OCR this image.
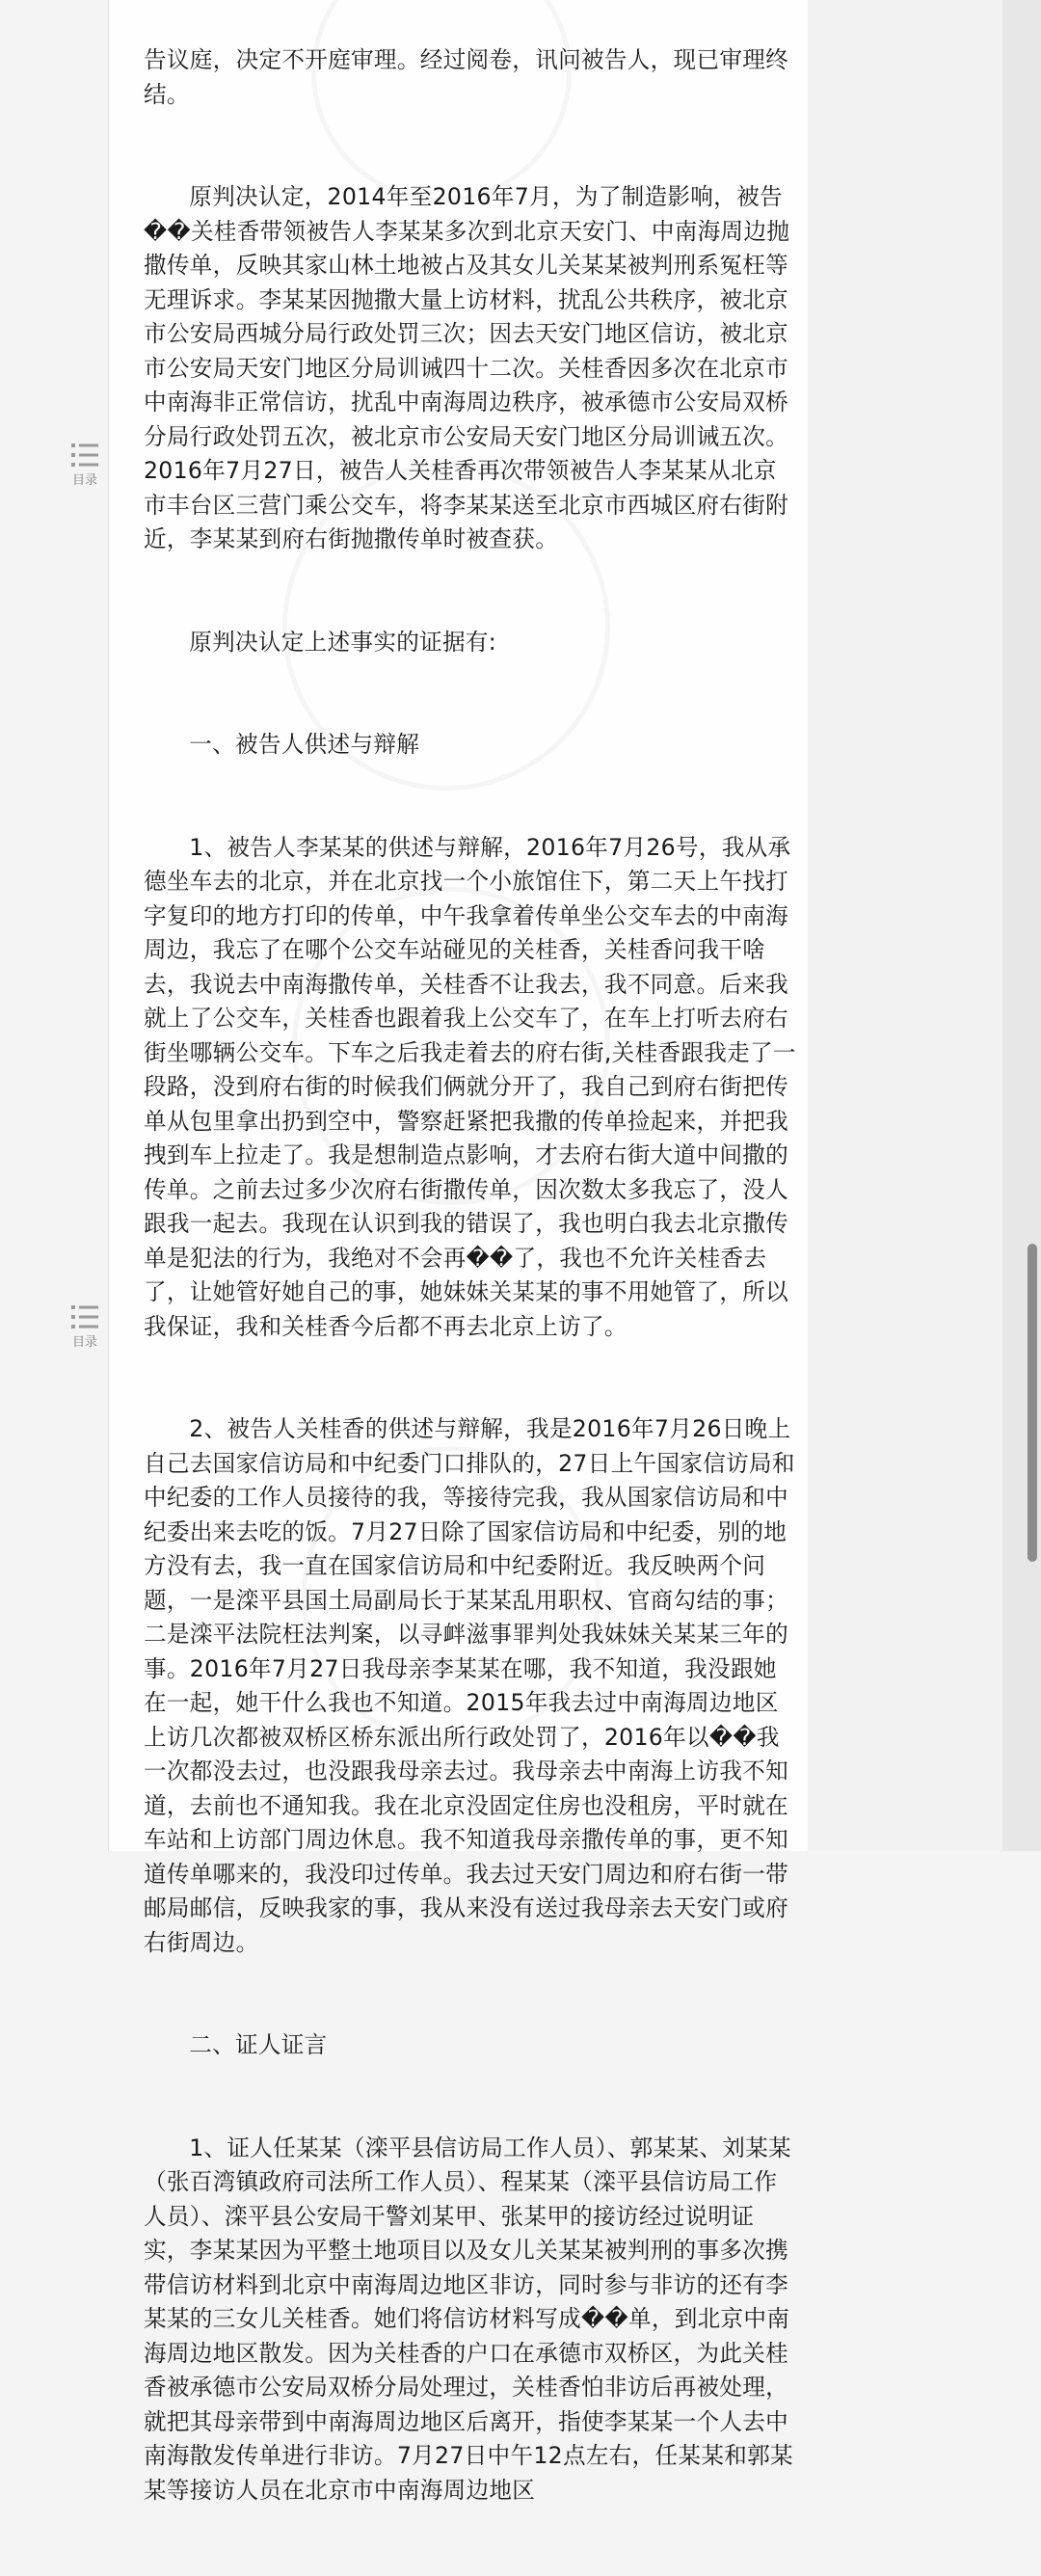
目录
目录

告议庭，决定不开庭审理。经过阅卷，讯问被告人，现已审理终结。

原判决认定，2014年至2016年7月，为了制造影响，被告��关桂香带领被告人李某某多次到北京天安门、中南海周边抛撒传单，反映其家山林土地被占及其女儿关某某被判刑系冤枉等无理诉求。李某某因抛撒大量上访材料，扰乱公共秩序，被北京市公安局西城分局行政处罚三次；因去天安门地区信访，被北京市公安局天安门地区分局训诫四十二次。关桂香因多次在北京市中南海非正常信访，扰乱中南海周边秩序，被承德市公安局双桥分局行政处罚五次，被北京市公安局天安门地区分局训诫五次。2016年7月27日，被告人关桂香再次带领被告人李某某从北京市丰台区三营门乘公交车，将李某某送至北京市西城区府右街附近，李某某到府右街抛撒传单时被查获。

原判决认定上述事实的证据有:

一、被告人供述与辩解

1、被告人李某某的供述与辩解，2016年7月26号，我从承德坐车去的北京，并在北京找一个小旅馆住下，第二天上午找打字复印的地方打印的传单，中午我拿着传单坐公交车去的中南海周边，我忘了在哪个公交车站碰见的关桂香，关桂香问我干啥去，我说去中南海撒传单，关桂香不让我去，我不同意。后来我就上了公交车，关桂香也跟着我上公交车了，在车上打听去府右街坐哪辆公交车。下车之后我走着去的府右街,关桂香跟我走了一段路，没到府右街的时候我们俩就分开了，我自己到府右街把传单从包里拿出扔到空中，警察赶紧把我撒的传单捡起来，并把我拽到车上拉走了。我是想制造点影响，才去府右街大道中间撒的传单。之前去过多少次府右街撒传单，因次数太多我忘了，没人跟我一起去。我现在认识到我的错误了，我也明白我去北京撒传单是犯法的行为，我绝对不会再��了，我也不允许关桂香去了，让她管好她自己的事，她妹妹关某某的事不用她管了，所以我保证，我和关桂香今后都不再去北京上访了。

2、被告人关桂香的供述与辩解，我是2016年7月26日晚上自己去国家信访局和中纪委门口排队的，27日上午国家信访局和中纪委的工作人员接待的我，等接待完我，我从国家信访局和中纪委出来去吃的饭。7月27日除了国家信访局和中纪委，别的地方没有去，我一直在国家信访局和中纪委附近。我反映两个问题，一是滦平县国土局副局长于某某乱用职权、官商勾结的事；二是滦平法院枉法判案，以寻衅滋事罪判处我妹妹关某某三年的事。2016年7月27日我母亲李某某在哪，我不知道，我没跟她在一起，她干什么我也不知道。2015年我去过中南海周边地区上访几次都被双桥区桥东派出所行政处罚了，2016年以��我一次都没去过，也没跟我母亲去过。我母亲去中南海上访我不知道，去前也不通知我。我在北京没固定住房也没租房，平时就在车站和上访部门周边休息。我不知道我母亲撒传单的事，更不知道传单哪来的，我没印过传单。我去过天安门周边和府右街一带邮局邮信，反映我家的事，我从来没有送过我母亲去天安门或府右街周边。

二、证人证言

1、证人任某某（滦平县信访局工作人员）、郭某某、刘某某（张百湾镇政府司法所工作人员）、程某某（滦平县信访局工作人员）、滦平县公安局干警刘某甲、张某甲的接访经过说明证实，李某某因为平整土地项目以及女儿关某某被判刑的事多次携带信访材料到北京中南海周边地区非访，同时参与非访的还有李某某的三女儿关桂香。她们将信访材料写成��单，到北京中南海周边地区散发。因为关桂香的户口在承德市双桥区，为此关桂香被承德市公安局双桥分局处理过，关桂香怕非访后再被处理，就把其母亲带到中南海周边地区后离开，指使李某某一个人去中南海散发传单进行非访。7月27日中午12点左右，任某某和郭某某等接访人员在北京市中南海周边地区
